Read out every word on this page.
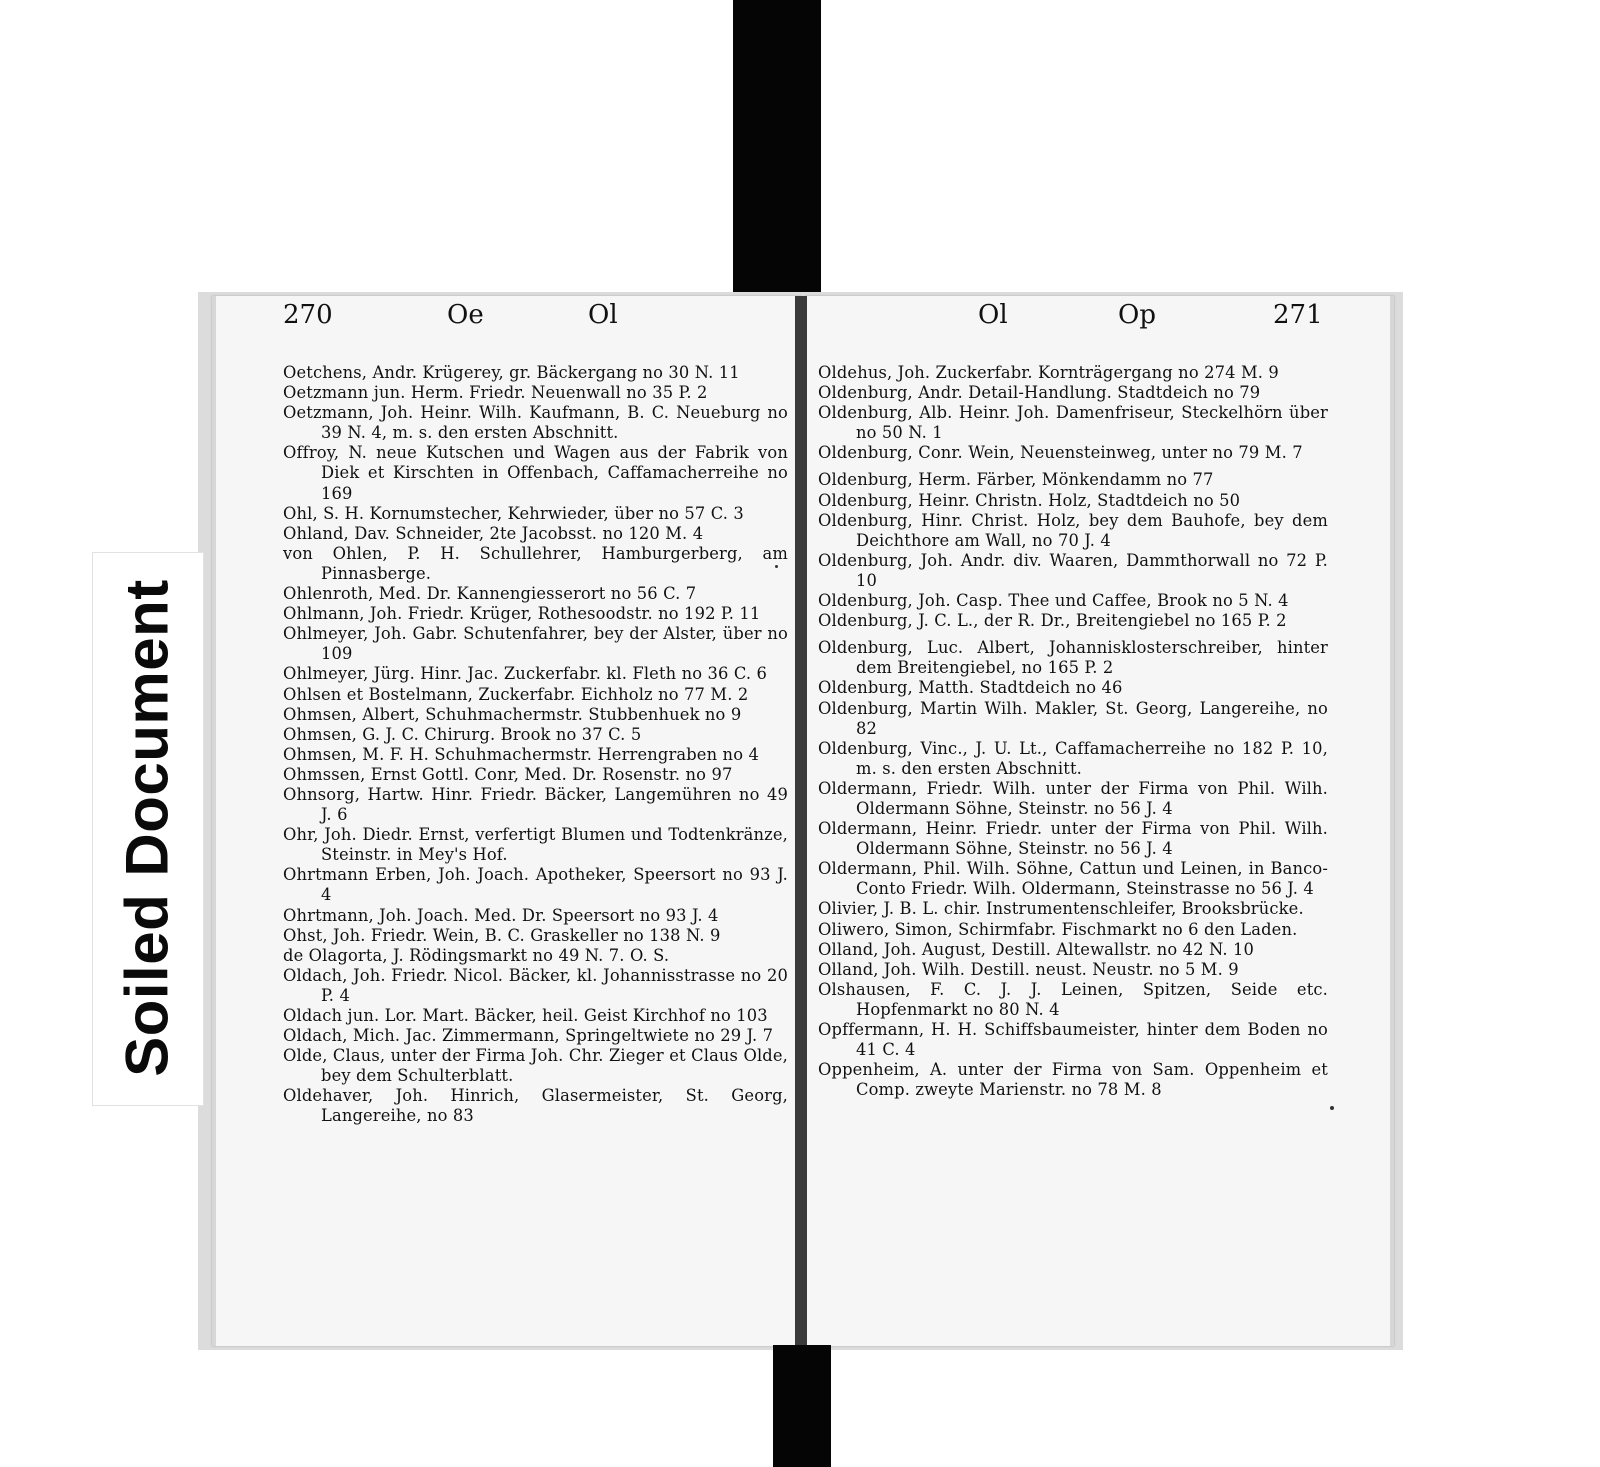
270	Oe	Ol	Ol	Op	271
Oetchens, Andr. Krügerey, gr. Bäckergang no 30 N. 11
Oetzmann jun. Herm. Friedr. Neuenwall no 35 P. 2
Oetzmann, Joh. Heinr. Wilh. Kaufmann, B. C. Neueburg no 39 N. 4, m. s. den ersten Abschnitt.
Offroy, N. neue Kutschen und Wagen aus der Fabrik von Diek et Kirschten in Offenbach, Caffamacherreihe no 169
Ohl, S. H. Kornumstecher, Kehrwieder, über no 57 C. 3
Ohland, Dav. Schneider, 2te Jacobsst. no 120 M. 4
von Ohlen, P. H. Schullehrer, Hamburgerberg, am Pinnasberge.
Ohlenroth, Med. Dr. Kannengiesserort no 56 C. 7
Ohlmann, Joh. Friedr. Krüger, Rothesoodstr. no 192 P. 11
Ohlmeyer, Joh. Gabr. Schutenfahrer, bey der Alster, über no 109
Ohlmeyer, Jürg. Hinr. Jac. Zuckerfabr. kl. Fleth no 36 C. 6
Ohlsen et Bostelmann, Zuckerfabr. Eichholz no 77 M. 2
Ohmsen, Albert, Schuhmachermstr. Stubbenhuek no 9
Ohmsen, G. J. C. Chirurg. Brook no 37 C. 5
Ohmsen, M. F. H. Schuhmachermstr. Herrengraben no 4
Ohmssen, Ernst Gottl. Conr, Med. Dr. Rosenstr. no 97
Ohnsorg, Hartw. Hinr. Friedr. Bäcker, Langemühren no 49 J. 6
Ohr, Joh. Diedr. Ernst, verfertigt Blumen und Todtenkränze, Steinstr. in Mey's Hof.
Ohrtmann Erben, Joh. Joach. Apotheker, Speersort no 93 J. 4
Ohrtmann, Joh. Joach. Med. Dr. Speersort no 93 J. 4
Ohst, Joh. Friedr. Wein, B. C. Graskeller no 138 N. 9
de Olagorta, J. Rödingsmarkt no 49 N. 7. O. S.
Oldach, Joh. Friedr. Nicol. Bäcker, kl. Johannisstrasse no 20 P. 4
Oldach jun. Lor. Mart. Bäcker, heil. Geist Kirchhof no 103
Oldach, Mich. Jac. Zimmermann, Springeltwiete no 29 J. 7
Olde, Claus, unter der Firma Joh. Chr. Zieger et Claus Olde, bey dem Schulterblatt.
Oldehaver, Joh. Hinrich, Glasermeister, St. Georg, Langereihe, no 83
Oldehus, Joh. Zuckerfabr. Kornträgergang no 274 M. 9
Oldenburg, Andr. Detail-Handlung. Stadtdeich no 79
Oldenburg, Alb. Heinr. Joh. Damenfriseur, Steckelhörn über no 50 N. 1
Oldenburg, Conr. Wein, Neuensteinweg, unter no 79 M. 7
Oldenburg, Herm. Färber, Mönkendamm no 77
Oldenburg, Heinr. Christn. Holz, Stadtdeich no 50
Oldenburg, Hinr. Christ. Holz, bey dem Bauhofe, bey dem Deichthore am Wall, no 70 J. 4
Oldenburg, Joh. Andr. div. Waaren, Dammthorwall no 72 P. 10
Oldenburg, Joh. Casp. Thee und Caffee, Brook no 5 N. 4
Oldenburg, J. C. L., der R. Dr., Breitengiebel no 165 P. 2
Oldenburg, Luc. Albert, Johannisklosterschreiber, hinter dem Breitengiebel, no 165 P. 2
Oldenburg, Matth. Stadtdeich no 46
Oldenburg, Martin Wilh. Makler, St. Georg, Langereihe, no 82
Oldenburg, Vinc., J. U. Lt., Caffamacherreihe no 182 P. 10, m. s. den ersten Abschnitt.
Oldermann, Friedr. Wilh. unter der Firma von Phil. Wilh. Oldermann Söhne, Steinstr. no 56 J. 4
Oldermann, Heinr. Friedr. unter der Firma von Phil. Wilh. Oldermann Söhne, Steinstr. no 56 J. 4
Oldermann, Phil. Wilh. Söhne, Cattun und Leinen, in Banco-Conto Friedr. Wilh. Oldermann, Steinstrasse no 56 J. 4
Olivier, J. B. L. chir. Instrumentenschleifer, Brooksbrücke.
Oliwero, Simon, Schirmfabr. Fischmarkt no 6 den Laden.
Olland, Joh. August, Destill. Altewallstr. no 42 N. 10
Olland, Joh. Wilh. Destill. neust. Neustr. no 5 M. 9
Olshausen, F. C. J. J. Leinen, Spitzen, Seide etc. Hopfenmarkt no 80 N. 4
Opffermann, H. H. Schiffsbaumeister, hinter dem Boden no 41 C. 4
Oppenheim, A. unter der Firma von Sam. Oppenheim et Comp. zweyte Marienstr. no 78 M. 8
Soiled Document
